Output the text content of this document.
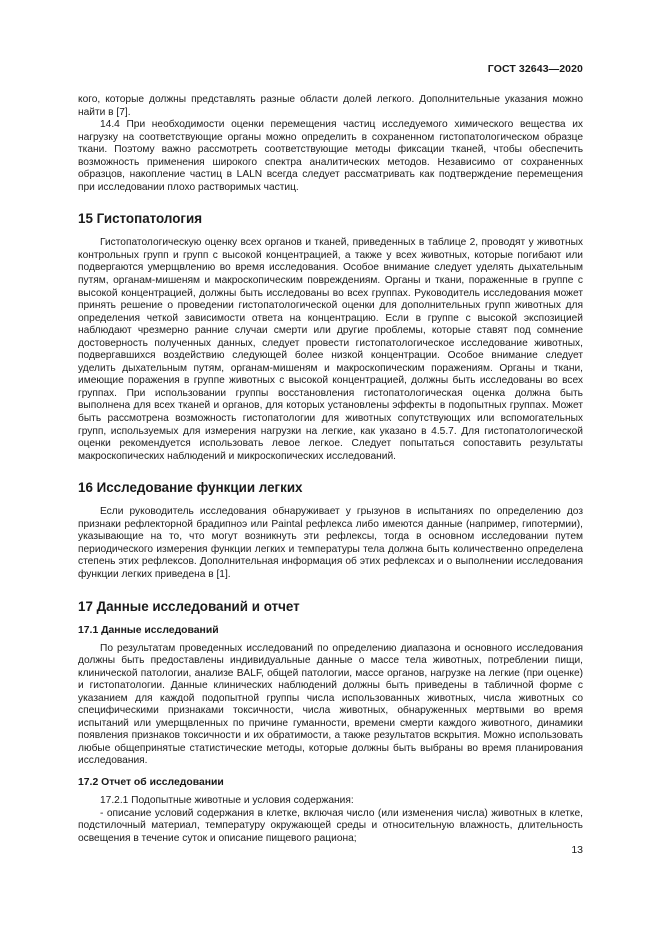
ГОСТ 32643—2020

кого, которые должны представлять разные области долей легкого. Дополнительные указания можно найти в [7].

14.4 При необходимости оценки перемещения частиц исследуемого химического вещества их нагрузку на соответствующие органы можно определить в сохраненном гистопатологическом образце ткани. Поэтому важно рассмотреть соответствующие методы фиксации тканей, чтобы обеспечить возможность применения широкого спектра аналитических методов. Независимо от сохраненных образцов, накопление частиц в LALN всегда следует рассматривать как подтверждение перемещения при исследовании плохо растворимых частиц.

15 Гистопатология

Гистопатологическую оценку всех органов и тканей, приведенных в таблице 2, проводят у животных контрольных групп и групп с высокой концентрацией, а также у всех животных, которые погибают или подвергаются умерщвлению во время исследования. Особое внимание следует уделять дыхательным путям, органам-мишеням и макроскопическим повреждениям. Органы и ткани, пораженные в группе с высокой концентрацией, должны быть исследованы во всех группах. Руководитель исследования может принять решение о проведении гистопатологической оценки для дополнительных групп животных для определения четкой зависимости ответа на концентрацию. Если в группе с высокой экспозицией наблюдают чрезмерно ранние случаи смерти или другие проблемы, которые ставят под сомнение достоверность полученных данных, следует провести гистопатологическое исследование животных, подвергавшихся воздействию следующей более низкой концентрации. Особое внимание следует уделить дыхательным путям, органам-мишеням и макроскопическим поражениям. Органы и ткани, имеющие поражения в группе животных с высокой концентрацией, должны быть исследованы во всех группах. При использовании группы восстановления гистопатологическая оценка должна быть выполнена для всех тканей и органов, для которых установлены эффекты в подопытных группах. Может быть рассмотрена возможность гистопатологии для животных сопутствующих или вспомогательных групп, используемых для измерения нагрузки на легкие, как указано в 4.5.7. Для гистопатологической оценки рекомендуется использовать левое легкое. Следует попытаться сопоставить результаты макроскопических наблюдений и микроскопических исследований.

16 Исследование функции легких

Если руководитель исследования обнаруживает у грызунов в испытаниях по определению доз признаки рефлекторной брадипноэ или Paintal рефлекса либо имеются данные (например, гипотермии), указывающие на то, что могут возникнуть эти рефлексы, тогда в основном исследовании путем периодического измерения функции легких и температуры тела должна быть количественно определена степень этих рефлексов. Дополнительная информация об этих рефлексах и о выполнении исследования функции легких приведена в [1].

17 Данные исследований и отчет
17.1 Данные исследований

По результатам проведенных исследований по определению диапазона и основного исследования должны быть предоставлены индивидуальные данные о массе тела животных, потреблении пищи, клинической патологии, анализе BALF, общей патологии, массе органов, нагрузке на легкие (при оценке) и гистопатологии. Данные клинических наблюдений должны быть приведены в табличной форме с указанием для каждой подопытной группы числа использованных животных, числа животных со специфическими признаками токсичности, числа животных, обнаруженных мертвыми во время испытаний или умерщвленных по причине гуманности, времени смерти каждого животного, динамики появления признаков токсичности и их обратимости, а также результатов вскрытия. Можно использовать любые общепринятые статистические методы, которые должны быть выбраны во время планирования исследования.

17.2 Отчет об исследовании

17.2.1 Подопытные животные и условия содержания:

- описание условий содержания в клетке, включая число (или изменения числа) животных в клетке, подстилочный материал, температуру окружающей среды и относительную влажность, длительность освещения в течение суток и описание пищевого рациона;

13
